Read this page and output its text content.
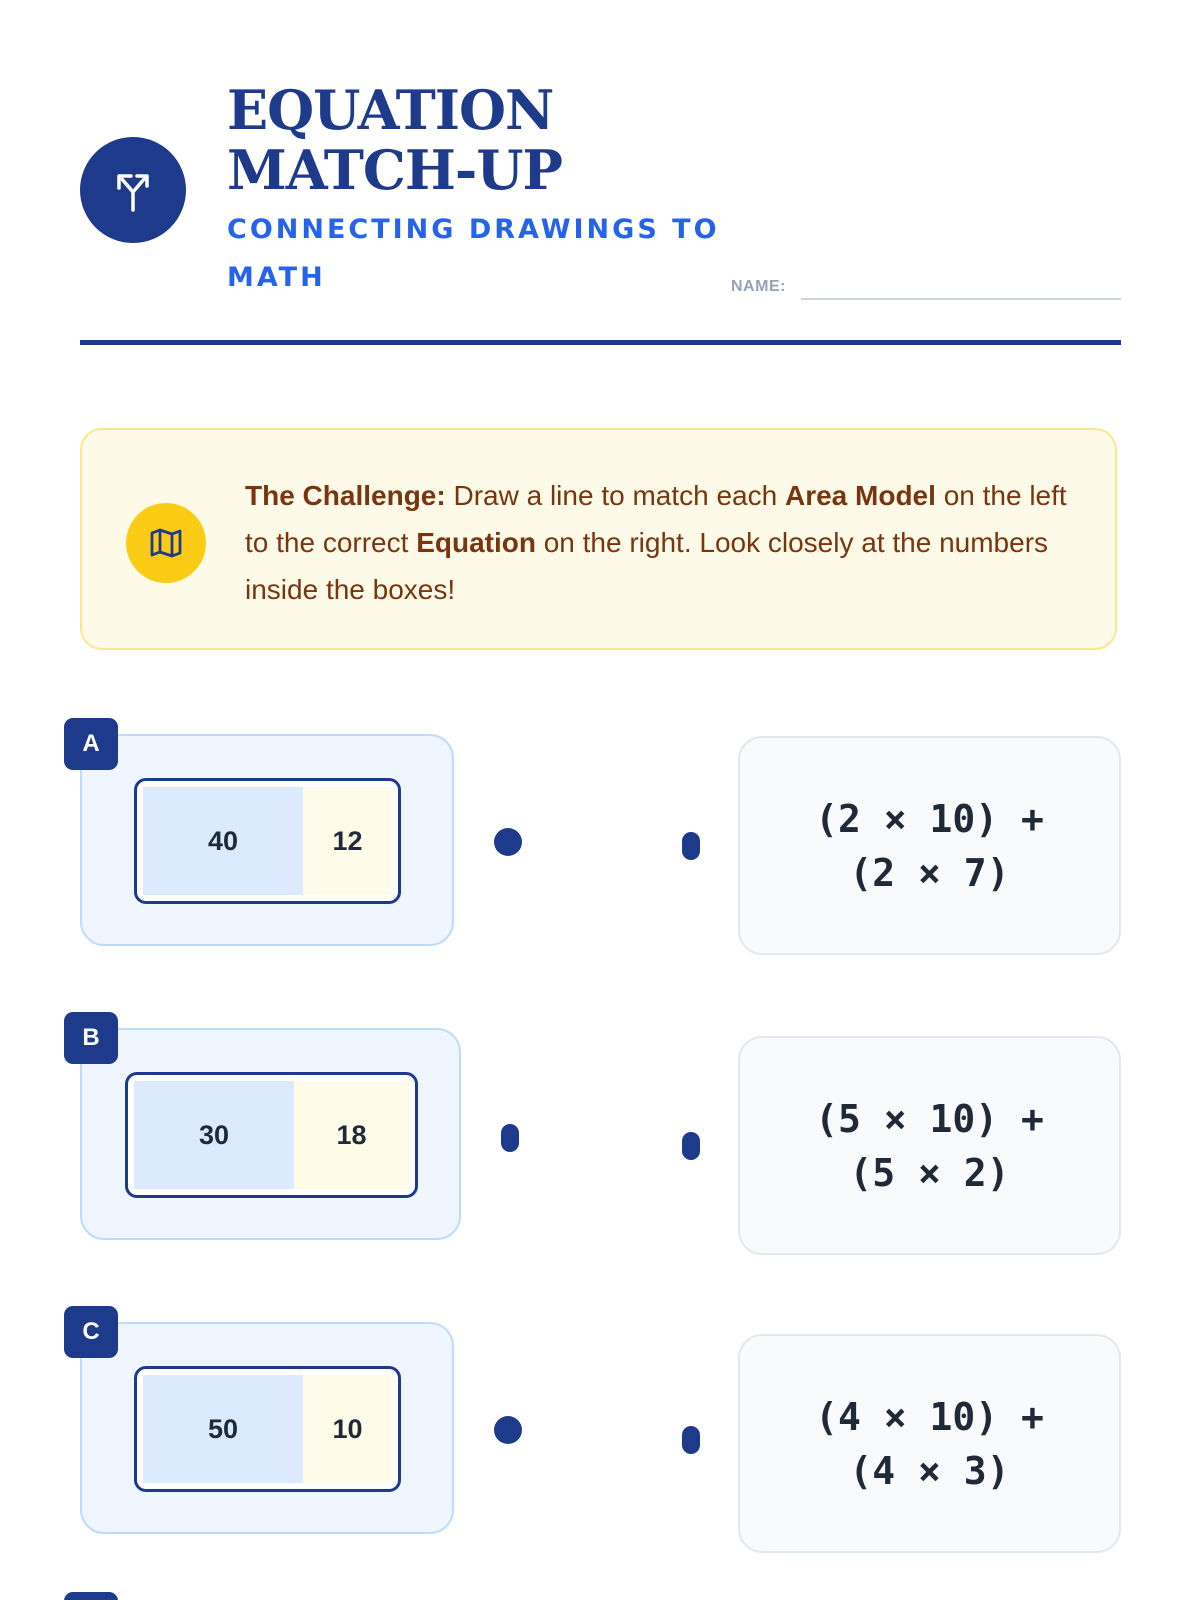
EQUATION
MATCH-UP
CONNECTING DRAWINGS TO MATH	NAME:
The Challenge: Draw a line to match each Area Model on the left to the correct Equation on the right. Look closely at the numbers inside the boxes!
A
40	12	(2 × 10) +
(2 × 7)
B
30	18	(5 × 10) +
(5 × 2)
C
50	10	(4 × 10) +
(4 × 3)
